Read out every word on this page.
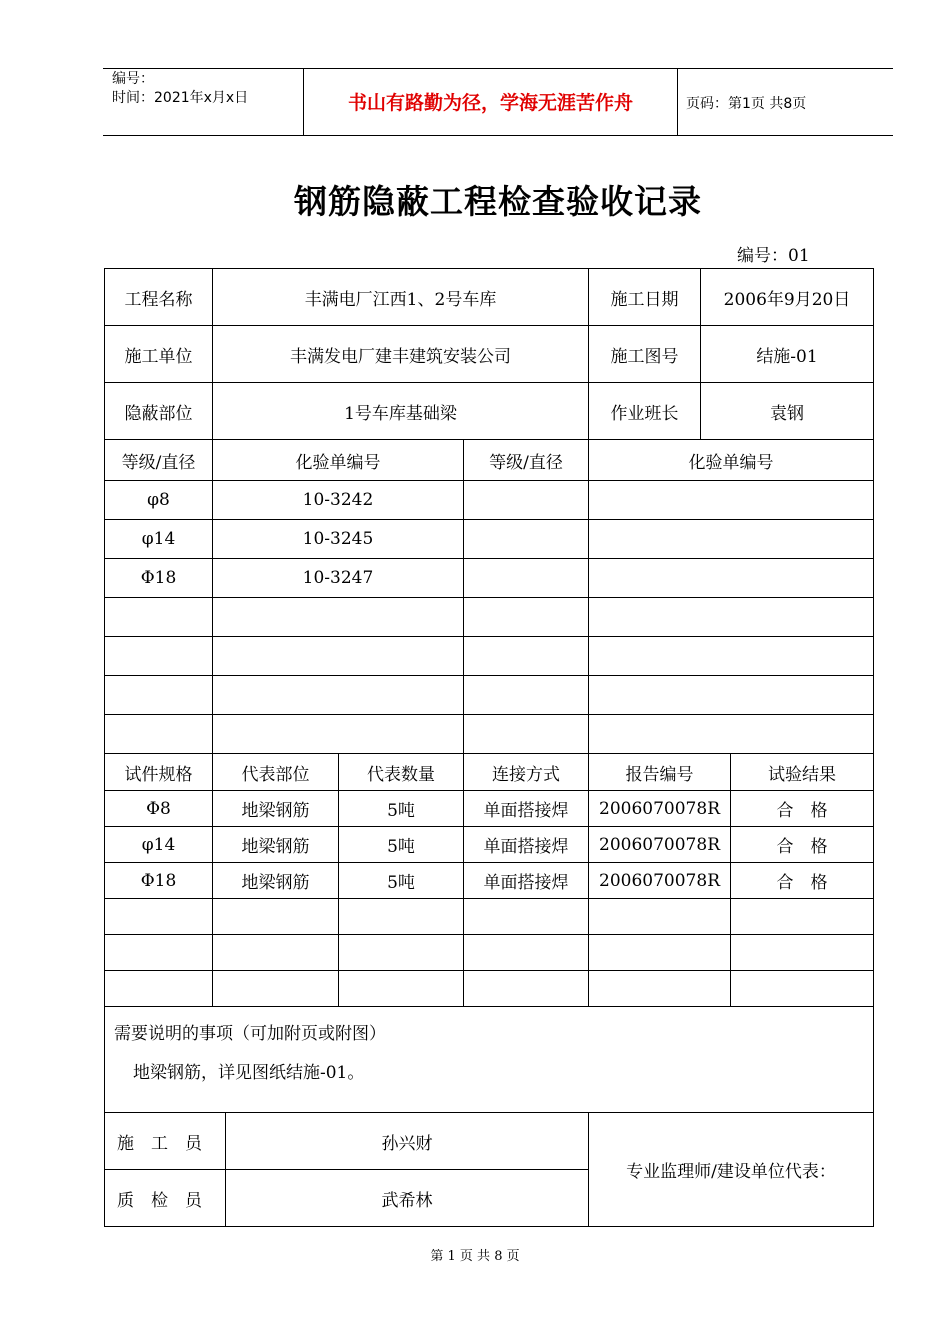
编号：
时间：2021年x月x日	书山有路勤为径，学海无涯苦作舟	页码：第1页 共8页
钢筋隐蔽工程检查验收记录
编号：01
工程名称	丰满电厂江西1、2号车库				施工日期	2006年9月20日	
施工单位	丰满发电厂建丰建筑安装公司				施工图号	结施-01	
隐蔽部位	1号车库基础梁				作业班长	袁钢	
等级/直径	化验单编号			等级/直径	化验单编号		
φ8	10-3242						
φ14	10-3245						
Φ18	10-3247						

试件规格	代表部位		代表数量	连接方式	报告编号		试验结果
Φ8	地梁钢筋		5吨	单面搭接焊	2006070078R		合　格
φ14	地梁钢筋		5吨	单面搭接焊	2006070078R		合　格
Φ18	地梁钢筋		5吨	单面搭接焊	2006070078R		合　格

需要说明的事项（可加附页或附图）
地梁钢筋，详见图纸结施-01。							

施　工　员		孙兴财			专业监理师/建设单位代表：		
质　检　员		武希林					
第 1 页 共 8 页
